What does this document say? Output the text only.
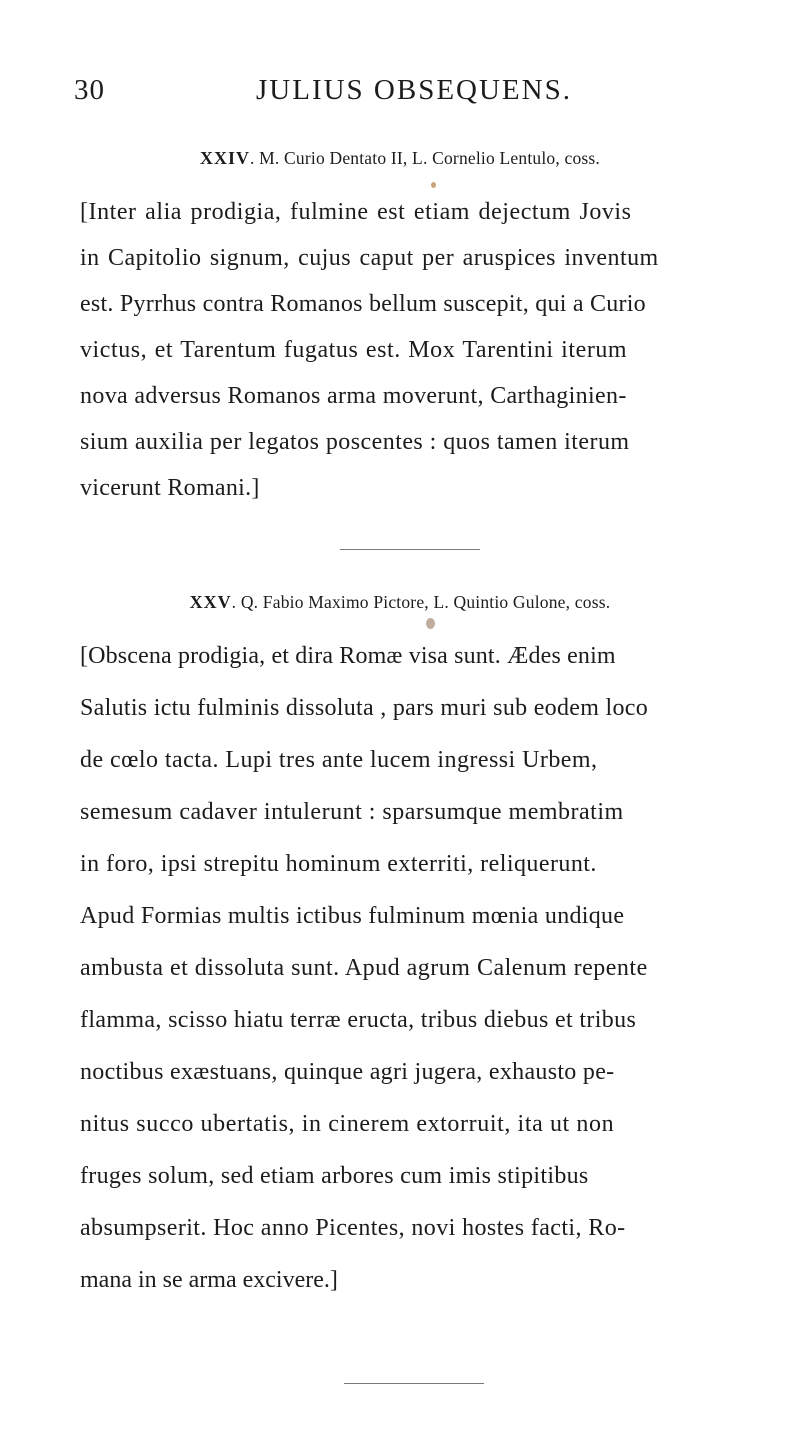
30	JULIUS OBSEQUENS.
XXIV. M. Curio Dentato II, L. Cornelio Lentulo, coss.
[Inter alia prodigia, fulmine est etiam dejectum Jovis
in Capitolio signum, cujus caput per aruspices inventum
est. Pyrrhus contra Romanos bellum suscepit, qui a Curio
victus, et Tarentum fugatus est. Mox Tarentini iterum
nova adversus Romanos arma moverunt, Carthaginien-
sium auxilia per legatos poscentes : quos tamen iterum
vicerunt Romani.]
XXV. Q. Fabio Maximo Pictore, L. Quintio Gulone, coss.
[Obscena prodigia, et dira Romæ visa sunt. Ædes enim
Salutis ictu fulminis dissoluta , pars muri sub eodem loco
de cœlo tacta. Lupi tres ante lucem ingressi Urbem,
semesum cadaver intulerunt : sparsumque membratim
in foro, ipsi strepitu hominum exterriti, reliquerunt.
Apud Formias multis ictibus fulminum mœnia undique
ambusta et dissoluta sunt. Apud agrum Calenum repente
flamma, scisso hiatu terræ eructa, tribus diebus et tribus
noctibus exæstuans, quinque agri jugera, exhausto pe-
nitus succo ubertatis, in cinerem extorruit, ita ut non
fruges solum, sed etiam arbores cum imis stipitibus
absumpserit. Hoc anno Picentes, novi hostes facti, Ro-
mana in se arma excivere.]
